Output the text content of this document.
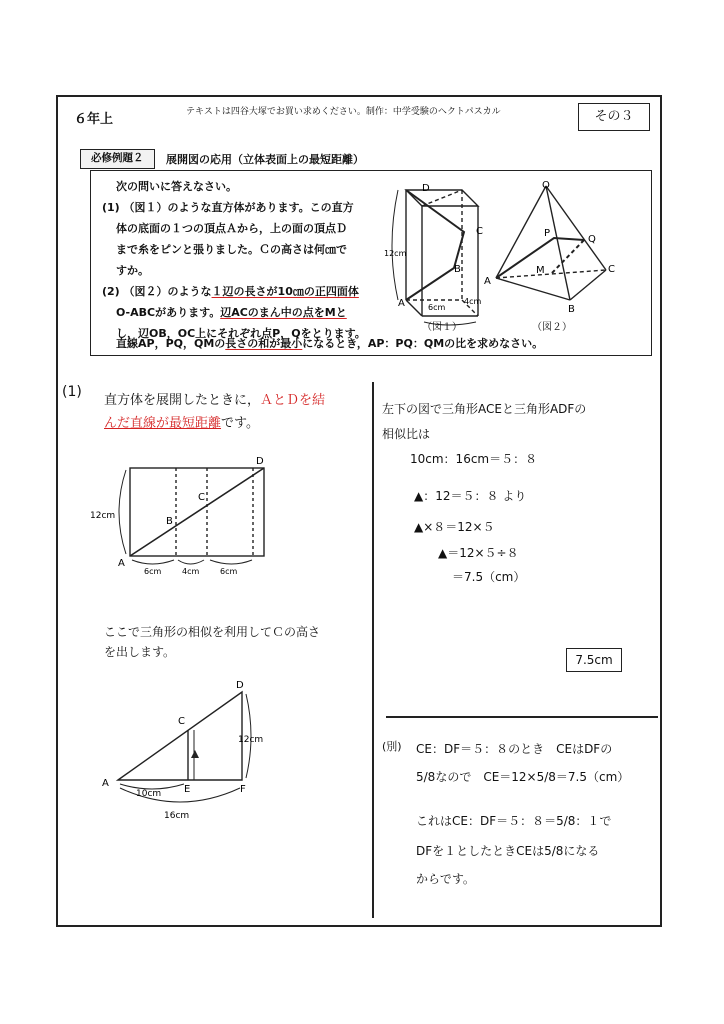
６年上	テキストは四谷大塚でお買い求めください。制作：中学受験のヘクトパスカル	その３
必修例題２	展開図の応用（立体表面上の最短距離）
次の問いに答えなさい。
(1) （図１）のような直方体があります。この直方
体の底面の１つの頂点Ａから，上の面の頂点Ｄ
まで糸をピンと張りました。Ｃの高さは何㎝で
すか。
(2) （図２）のような１辺の長さが10㎝の正四面体
O-ABCがあります。辺ACのまん中の点をMと
し，辺OB，OC上にそれぞれ点P，Qをとります。
直線AP，PQ，QMの長さの和が最小になるとき，AP：PQ：QMの比を求めなさい。
D
C
B
A
12cm
6cm
4cm
（図１）
O
P
Q
M
A
B
C
（図２）
(1)
直方体を展開したときに，ＡとＤを結
んだ直線が最短距離です。
D
C
B
A
12cm
6cm	4cm	6cm
ここで三角形の相似を利用してＣの高さ
を出します。
D
C
A
E	F
12cm
10cm
16cm
左下の図で三角形ACEと三角形ADFの
相似比は
10cm：16cm＝５：８
▲：12＝５：８ より
▲×８＝12×５
▲＝12×５÷８
＝7.5（cm）
7.5cm
(別) CE：DF＝５：８のとき　CEはDFの
5/8なので　CE＝12×5/8＝7.5（cm）
これはCE：DF＝５：８＝5/8：１で
DFを１としたときCEは5/8になる
からです。
